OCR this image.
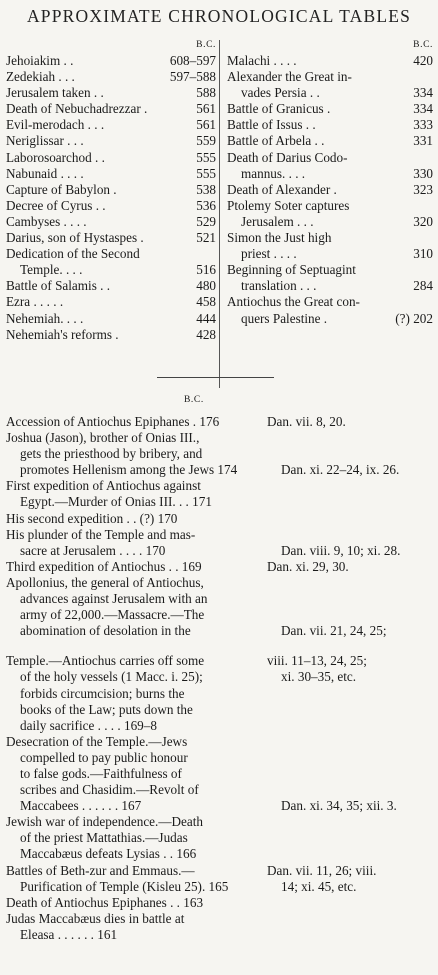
APPROXIMATE CHRONOLOGICAL TABLES
B.C.
Jehoiakim . .	608–597
Zedekiah . . .	597–588
Jerusalem taken . .	588
Death of Nebuchadrezzar .	561
Evil-merodach . . .	561
Neriglissar . . .	559
Laborosoarchod . .	555
Nabunaid . . . .	555
Capture of Babylon .	538
Decree of Cyrus . .	536
Cambyses . . . .	529
Darius, son of Hystaspes .	521
Dedication of the Second
Temple. . . .	516
Battle of Salamis . .	480
Ezra . . . . .	458
Nehemiah. . . .	444
Nehemiah's reforms .	428
B.C.
Malachi . . . .	420
Alexander the Great in-
vades Persia . .	334
Battle of Granicus .	334
Battle of Issus . .	333
Battle of Arbela . .	331
Death of Darius Codo-
mannus. . . .	330
Death of Alexander .	323
Ptolemy Soter captures
Jerusalem . . .	320
Simon the Just high
priest . . . .	310
Beginning of Septuagint
translation . . .	284
Antiochus the Great con-
quers Palestine .	(?) 202
B.C.
Accession of Antiochus Epiphanes . 176	Dan. vii. 8, 20.
Joshua (Jason), brother of Onias III.,
gets the priesthood by bribery, and
promotes Hellenism among the Jews 174	Dan. xi. 22–24, ix. 26.
First expedition of Antiochus against
Egypt.—Murder of Onias III. . . 171
His second expedition . . (?) 170
His plunder of the Temple and mas-
sacre at Jerusalem . . . . 170	Dan. viii. 9, 10; xi. 28.
Third expedition of Antiochus . . 169	Dan. xi. 29, 30.
Apollonius, the general of Antiochus,
advances against Jerusalem with an
army of 22,000.—Massacre.—The
abomination of desolation in the	Dan. vii. 21, 24, 25;
Temple.—Antiochus carries off some	viii. 11–13, 24, 25;
of the holy vessels (1 Macc. i. 25);	xi. 30–35, etc.
forbids circumcision; burns the
books of the Law; puts down the
daily sacrifice . . . . 169–8
Desecration of the Temple.—Jews
compelled to pay public honour
to false gods.—Faithfulness of
scribes and Chasidim.—Revolt of
Maccabees . . . . . . 167	Dan. xi. 34, 35; xii. 3.
Jewish war of independence.—Death
of the priest Mattathias.—Judas
Maccabæus defeats Lysias . . 166
Battles of Beth-zur and Emmaus.—	Dan. vii. 11, 26; viii.
Purification of Temple (Kisleu 25). 165	14; xi. 45, etc.
Death of Antiochus Epiphanes . . 163
Judas Maccabæus dies in battle at
Eleasa . . . . . . 161
